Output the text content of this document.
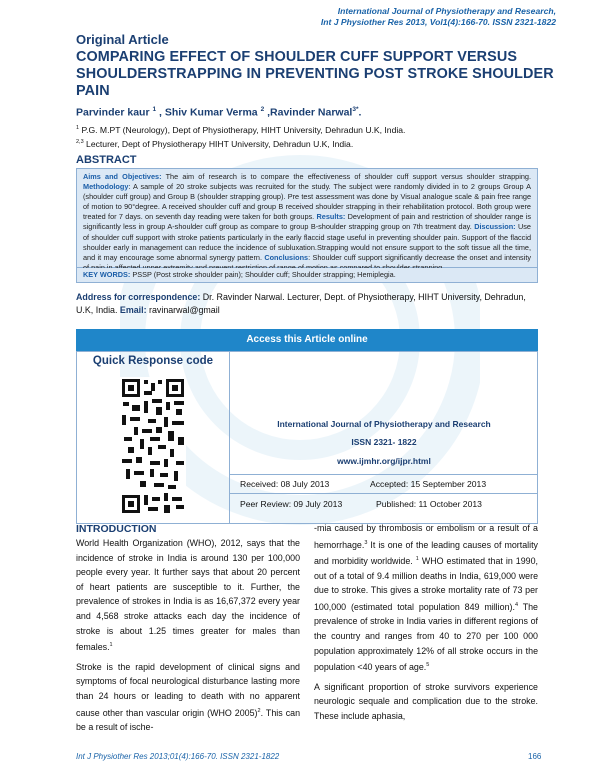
International Journal of Physiotherapy and Research,
Int J Physiother Res 2013, Vol1(4):166-70. ISSN 2321-1822
Original Article
COMPARING EFFECT OF SHOULDER CUFF SUPPORT VERSUS SHOULDERSTRAPPING IN PREVENTING POST STROKE SHOULDER PAIN
Parvinder kaur $^1$ , Shiv Kumar Verma $^2$ ,Ravinder Narwal$^{3*}$.
$^1$ P.G. M.PT (Neurology), Dept of Physiotherapy, HIHT University, Dehradun U.K, India.
$^{2,3}$ Lecturer, Dept of Physiotherapy HIHT University, Dehradun U.K, India.
ABSTRACT
Aims and Objectives: The aim of research is to compare the effectiveness of shoulder cuff support versus shoulder strapping. Methodology: A sample of 20 stroke subjects was recruited for the study. The subject were randomly divided in to 2 groups Group A (shoulder cuff group) and Group B (shoulder strapping group). Pre test assessment was done by Visual analogue scale & pain free range of motion to 90°degree. A received shoulder cuff and group B received shoulder strapping in their rehabilitation protocol. Both group were treated for 7 days. on seventh day reading were taken for both groups. Results: Development of pain and restriction of shoulder range is significantly less in group A-shoulder cuff group as compare to group B-shoulder strapping group on 7th treatment day. Discussion: Use of shoulder cuff support with stroke patients particularly in the early flaccid stage useful in preventing shoulder pain. Support of the flaccid shoulder early in management can reduce the incidence of subluxation.Strapping would not ensure support to the soft tissue all the time, and it may encourage some abnormal synergy pattern. Conclusions: Shoulder cuff support significantly decrease the onset and intensity
KEY WORDS: PSSP (Post stroke shoulder pain); Shoulder cuff; Shoulder strapping; Hemiplegia.
Address for correspondence: Dr. Ravinder Narwal. Lecturer, Dept. of Physiotherapy, HIHT University, Dehradun, U.K, India. Email: ravinarwal@gmail
Access this Article online
Quick Response code
International Journal of Physiotherapy and Research
ISSN 2321- 1822
www.ijmhr.org/ijpr.html
Received: 08 July 2013	Accepted: 15 September 2013
Peer Review: 09 July 2013	Published: 11 October 2013
INTRODUCTION
World Health Organization (WHO), 2012, says that the incidence of stroke in India is around 130 per 100,000 people every year. It further says that about 20 percent of heart patients are susceptible to it. Further, the prevalence of strokes in India is as 16,67,372 every year and 4,568 stroke attacks each day the incidence of stroke is about 1.25 times greater for males than females.$^1$
Stroke is the rapid development of clinical signs and symptoms of focal neurological disturbance lasting more than 24 hours or leading to death with no apparent cause other than vascular origin (WHO 2005)$^2$. This can be a result of ische-
-mia caused by thrombosis or embolism or a result of a hemorrhage.$^3$ It is one of the leading causes of mortality and morbidity worldwide. $^1$ WHO estimated that in 1990, out of a total of 9.4 million deaths in India, 619,000 were due to stroke. This gives a stroke mortality rate of 73 per 100,000 (estimated total population 849 million).$^4$ The prevalence of stroke in India varies in different regions of the country and ranges from 40 to 270 per 100 000 population approximately 12% of all stroke occurs in the population <40 years of age.$^5$
A significant proportion of stroke survivors experience neurologic sequale and complication due to the stroke. These include aphasia,
Int J Physiother Res 2013;01(4):166-70. ISSN 2321-1822	166
